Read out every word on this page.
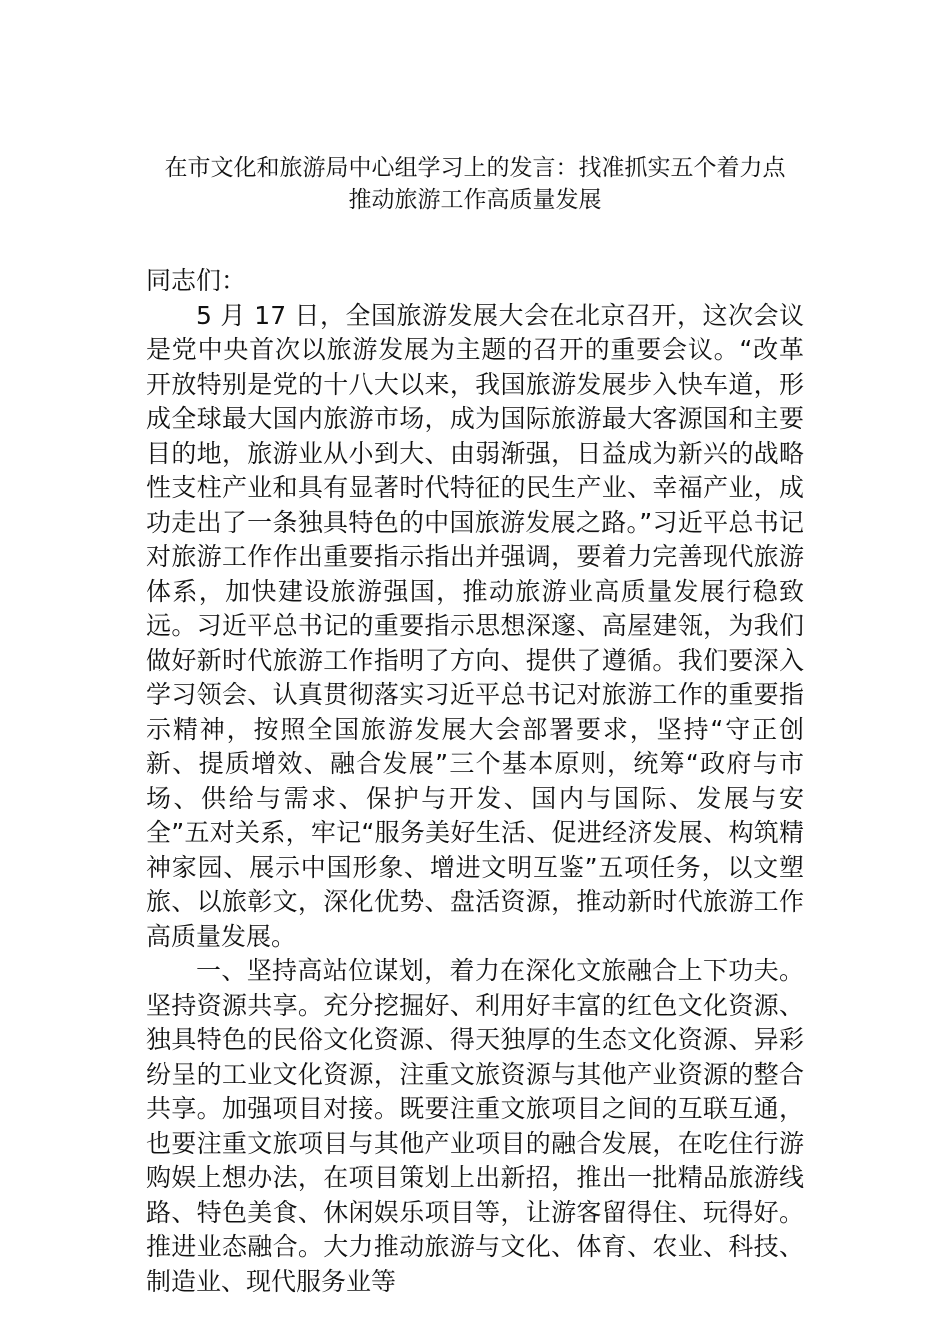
在市文化和旅游局中心组学习上的发言：找准抓实五个着力点
推动旅游工作高质量发展

同志们：

5 月 17 日，全国旅游发展大会在北京召开，这次会议是党中央首次以旅游发展为主题的召开的重要会议。“改革开放特别是党的十八大以来，我国旅游发展步入快车道，形成全球最大国内旅游市场，成为国际旅游最大客源国和主要目的地，旅游业从小到大、由弱渐强，日益成为新兴的战略性支柱产业和具有显著时代特征的民生产业、幸福产业，成功走出了一条独具特色的中国旅游发展之路。”习近平总书记对旅游工作作出重要指示指出并强调，要着力完善现代旅游体系，加快建设旅游强国，推动旅游业高质量发展行稳致远。习近平总书记的重要指示思想深邃、高屋建瓴，为我们做好新时代旅游工作指明了方向、提供了遵循。我们要深入学习领会、认真贯彻落实习近平总书记对旅游工作的重要指示精神，按照全国旅游发展大会部署要求，坚持“守正创新、提质增效、融合发展”三个基本原则，统筹“政府与市场、供给与需求、保护与开发、国内与国际、发展与安全”五对关系，牢记“服务美好生活、促进经济发展、构筑精神家园、展示中国形象、增进文明互鉴”五项任务，以文塑旅、以旅彰文，深化优势、盘活资源，推动新时代旅游工作高质量发展。

一、坚持高站位谋划，着力在深化文旅融合上下功夫。坚持资源共享。充分挖掘好、利用好丰富的红色文化资源、独具特色的民俗文化资源、得天独厚的生态文化资源、异彩纷呈的工业文化资源，注重文旅资源与其他产业资源的整合共享。加强项目对接。既要注重文旅项目之间的互联互通，也要注重文旅项目与其他产业项目的融合发展，在吃住行游购娱上想办法，在项目策划上出新招，推出一批精品旅游线路、特色美食、休闲娱乐项目等，让游客留得住、玩得好。推进业态融合。大力推动旅游与文化、体育、农业、科技、制造业、现代服务业等
